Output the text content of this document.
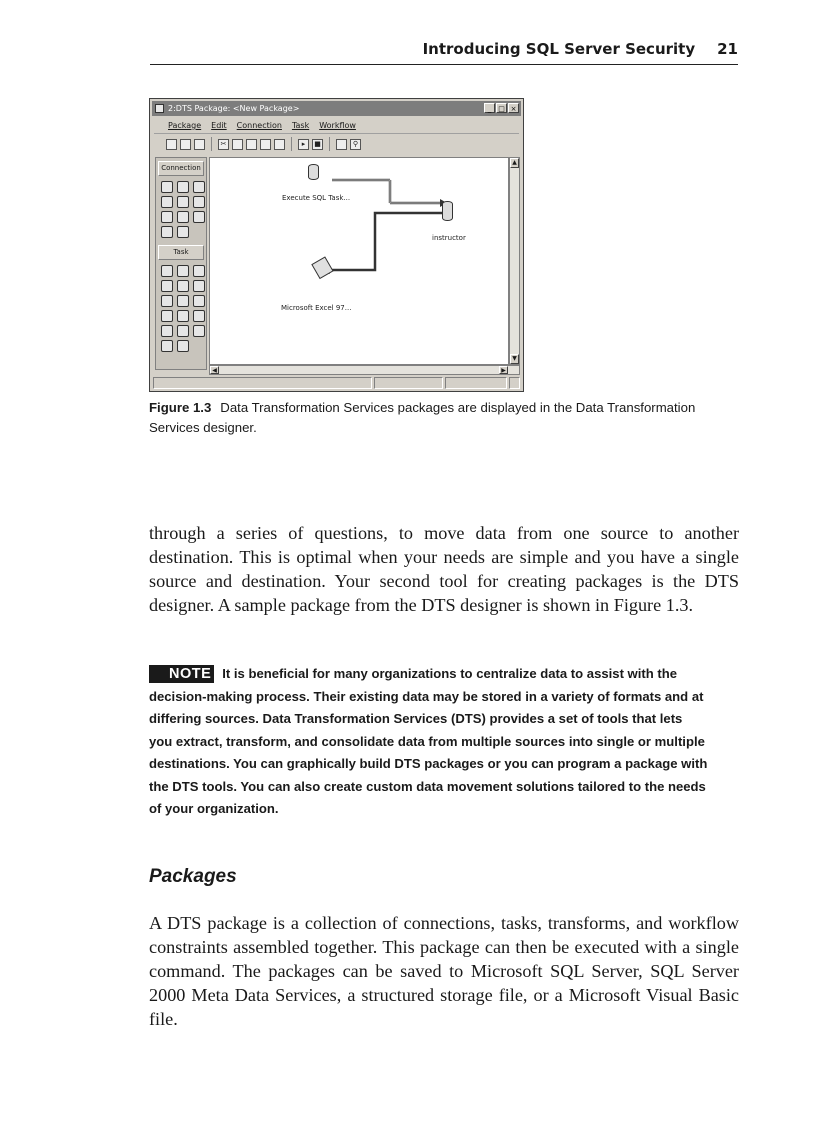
Introducing SQL Server Security 21
2:DTS Package: <New Package>	_ □ ×
Package Edit Connection Task Workflow
✂	▸	■	⚲
Connection
Task
Execute SQL Task...
instructor
Microsoft Excel 97...
▲
▼
◀	▶
Figure 1.3 Data Transformation Services packages are displayed in the Data Transformation Services designer.

through a series of questions, to move data from one source to another destination. This is optimal when your needs are simple and you have a single source and destination. Your second tool for creating packages is the DTS designer. A sample package from the DTS designer is shown in Figure 1.3.

NOTE It is beneficial for many organizations to centralize data to assist with the decision-making process. Their existing data may be stored in a variety of formats and at differing sources. Data Transformation Services (DTS) provides a set of tools that lets you extract, transform, and consolidate data from multiple sources into single or multiple destinations. You can graphically build DTS packages or you can program a package with the DTS tools. You can also create custom data movement solutions tailored to the needs of your organization.
Packages

A DTS package is a collection of connections, tasks, transforms, and workflow constraints assembled together. This package can then be executed with a single command. The packages can be saved to Microsoft SQL Server, SQL Server 2000 Meta Data Services, a structured storage file, or a Microsoft Visual Basic file.
